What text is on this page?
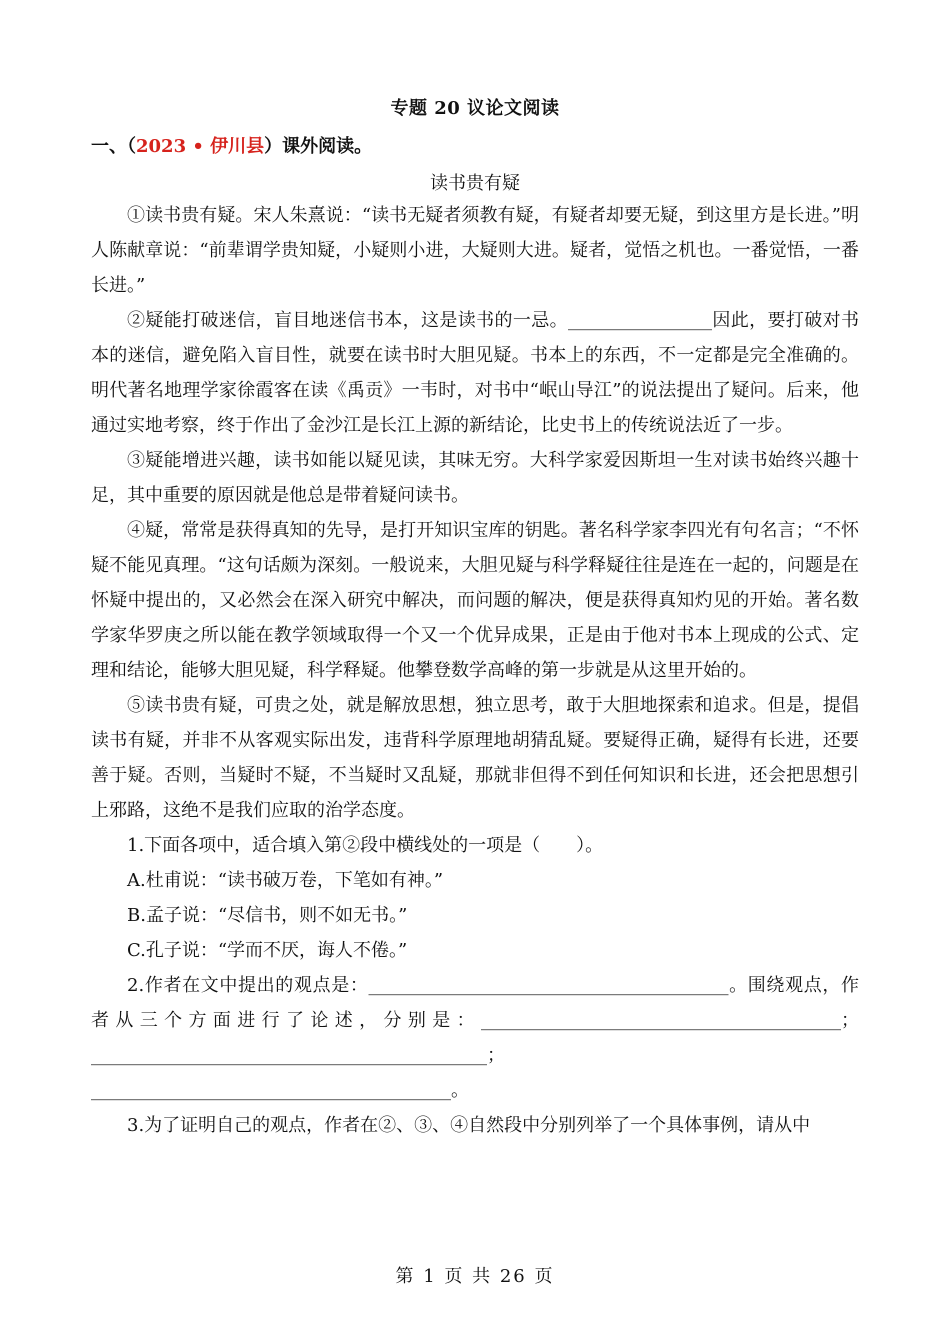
专题 20 议论文阅读
一、（2023 • 伊川县）课外阅读。
读书贵有疑

①读书贵有疑。宋人朱熹说：“读书无疑者须教有疑，有疑者却要无疑，到这里方是长进。”明人陈献章说：“前辈谓学贵知疑，小疑则小进，大疑则大进。疑者，觉悟之机也。一番觉悟，一番长进。”

②疑能打破迷信，盲目地迷信书本，这是读书的一忌。________________因此，要打破对书本的迷信，避免陷入盲目性，就要在读书时大胆见疑。书本上的东西，不一定都是完全准确的。明代著名地理学家徐霞客在读《禹贡》一韦时，对书中“岷山导江”的说法提出了疑问。后来，他通过实地考察，终于作出了金沙江是长江上源的新结论，比史书上的传统说法近了一步。

③疑能增进兴趣，读书如能以疑见读，其味无穷。大科学家爱因斯坦一生对读书始终兴趣十足，其中重要的原因就是他总是带着疑问读书。

④疑，常常是获得真知的先导，是打开知识宝库的钥匙。著名科学家李四光有句名言；“不怀疑不能见真理。“这句话颇为深刻。一般说来，大胆见疑与科学释疑往往是连在一起的，问题是在怀疑中提出的，又必然会在深入研究中解决，而问题的解决，便是获得真知灼见的开始。著名数学家华罗庚之所以能在教学领域取得一个又一个优异成果，正是由于他对书本上现成的公式、定理和结论，能够大胆见疑，科学释疑。他攀登数学高峰的第一步就是从这里开始的。

⑤读书贵有疑，可贵之处，就是解放思想，独立思考，敢于大胆地探索和追求。但是，提倡读书有疑，并非不从客观实际出发，违背科学原理地胡猜乱疑。要疑得正确，疑得有长进，还要善于疑。否则，当疑时不疑，不当疑时又乱疑，那就非但得不到任何知识和长进，还会把思想引上邪路，这绝不是我们应取的治学态度。

1.下面各项中，适合填入第②段中横线处的一项是（　　）。

A.杜甫说：“读书破万卷，下笔如有神。”

B.孟子说：“尽信书，则不如无书。”

C.孔子说：“学而不厌，诲人不倦。”

2.作者在文中提出的观点是：________________________________________。围绕观点，作者从三个方面进行了论述，分别是：________________________________________；____________________________________________；________________________________________。

3.为了证明自己的观点，作者在②、③、④自然段中分别列举了一个具体事例，请从中

第 1 页 共 26 页
